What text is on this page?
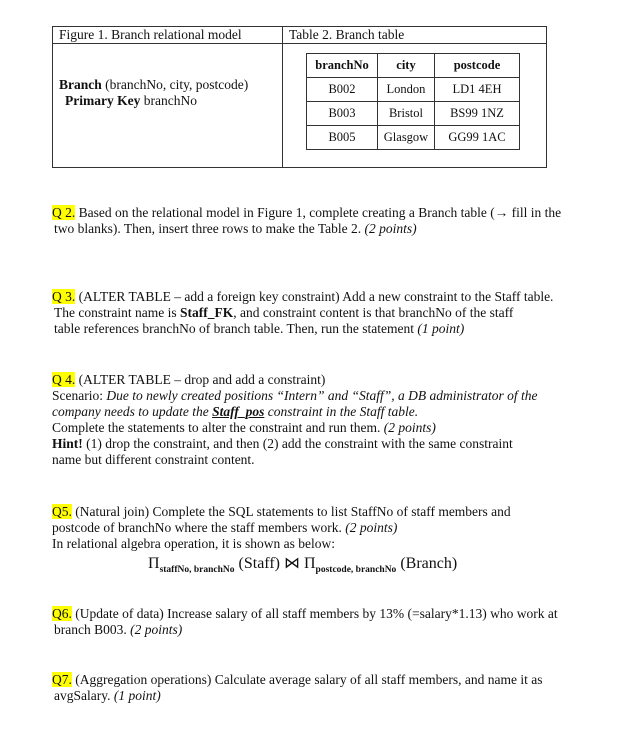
Figure 1. Branch relational model	Table 2. Branch table
Branch (branchNo, city, postcode)
Primary Key branchNo
branchNo	city	postcode
B002	London	LD1 4EH
B003	Bristol	BS99 1NZ
B005	Glasgow	GG99 1AC

Q 2. Based on the relational model in Figure 1, complete creating a Branch table (→ fill in the

two blanks). Then, insert three rows to make the Table 2. (2 points)

Q 3. (ALTER TABLE – add a foreign key constraint) Add a new constraint to the Staff table.

The constraint name is Staff_FK, and constraint content is that branchNo of the staff

table references branchNo of branch table. Then, run the statement (1 point)

Q 4. (ALTER TABLE – drop and add a constraint)

Scenario: Due to newly created positions “Intern” and “Staff”, a DB administrator of the

company needs to update the Staff_pos constraint in the Staff table.

Complete the statements to alter the constraint and run them. (2 points)

Hint! (1) drop the constraint, and then (2) add the constraint with the same constraint

name but different constraint content.

Q5. (Natural join) Complete the SQL statements to list StaffNo of staff members and

postcode of branchNo where the staff members work. (2 points)

In relational algebra operation, it is shown as below:

$\Pi_{staffNo, branchNo}$ (Staff) ⋈ $\Pi_{postcode, branchNo}$ (Branch)

Q6. (Update of data) Increase salary of all staff members by 13% (=salary*1.13) who work at

branch B003. (2 points)

Q7. (Aggregation operations) Calculate average salary of all staff members, and name it as

avgSalary. (1 point)
